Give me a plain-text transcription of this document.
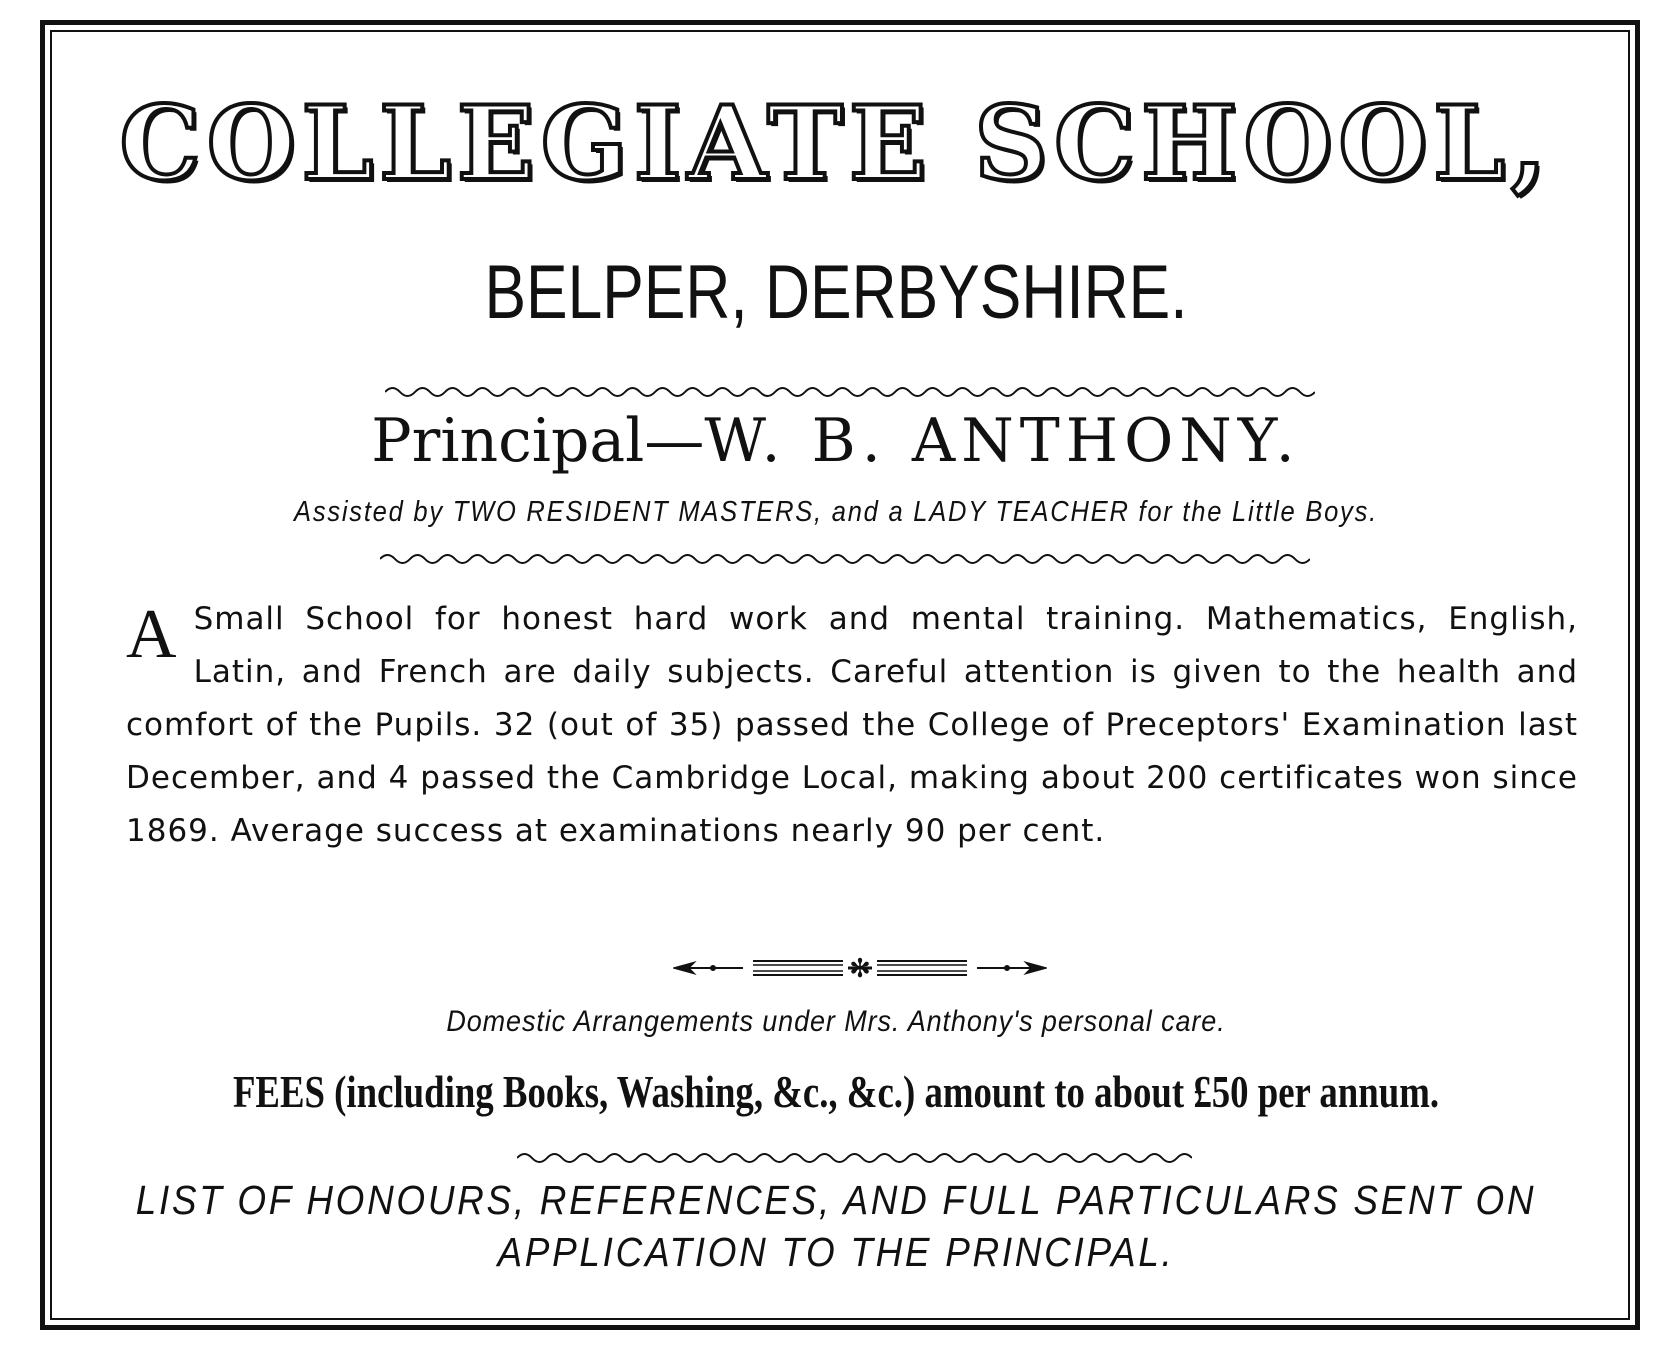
COLLEGIATE SCHOOL,
BELPER, DERBYSHIRE.
Principal—W. B. ANTHONY.
Assisted by TWO RESIDENT MASTERS, and a LADY TEACHER for the Little Boys.
A Small School for honest hard work and mental training. Mathematics, English, Latin, and French are daily subjects. Careful attention is given to the health and comfort of the Pupils. 32 (out of 35) passed the College of Preceptors' Examination last December, and 4 passed the Cambridge Local, making about 200 certificates won since 1869. Average success at examinations nearly 90 per cent.
✻
Domestic Arrangements under Mrs. Anthony's personal care.
FEES (including Books, Washing, &c., &c.) amount to about £50 per annum.
LIST OF HONOURS, REFERENCES, AND FULL PARTICULARS SENT ON
APPLICATION TO THE PRINCIPAL.
